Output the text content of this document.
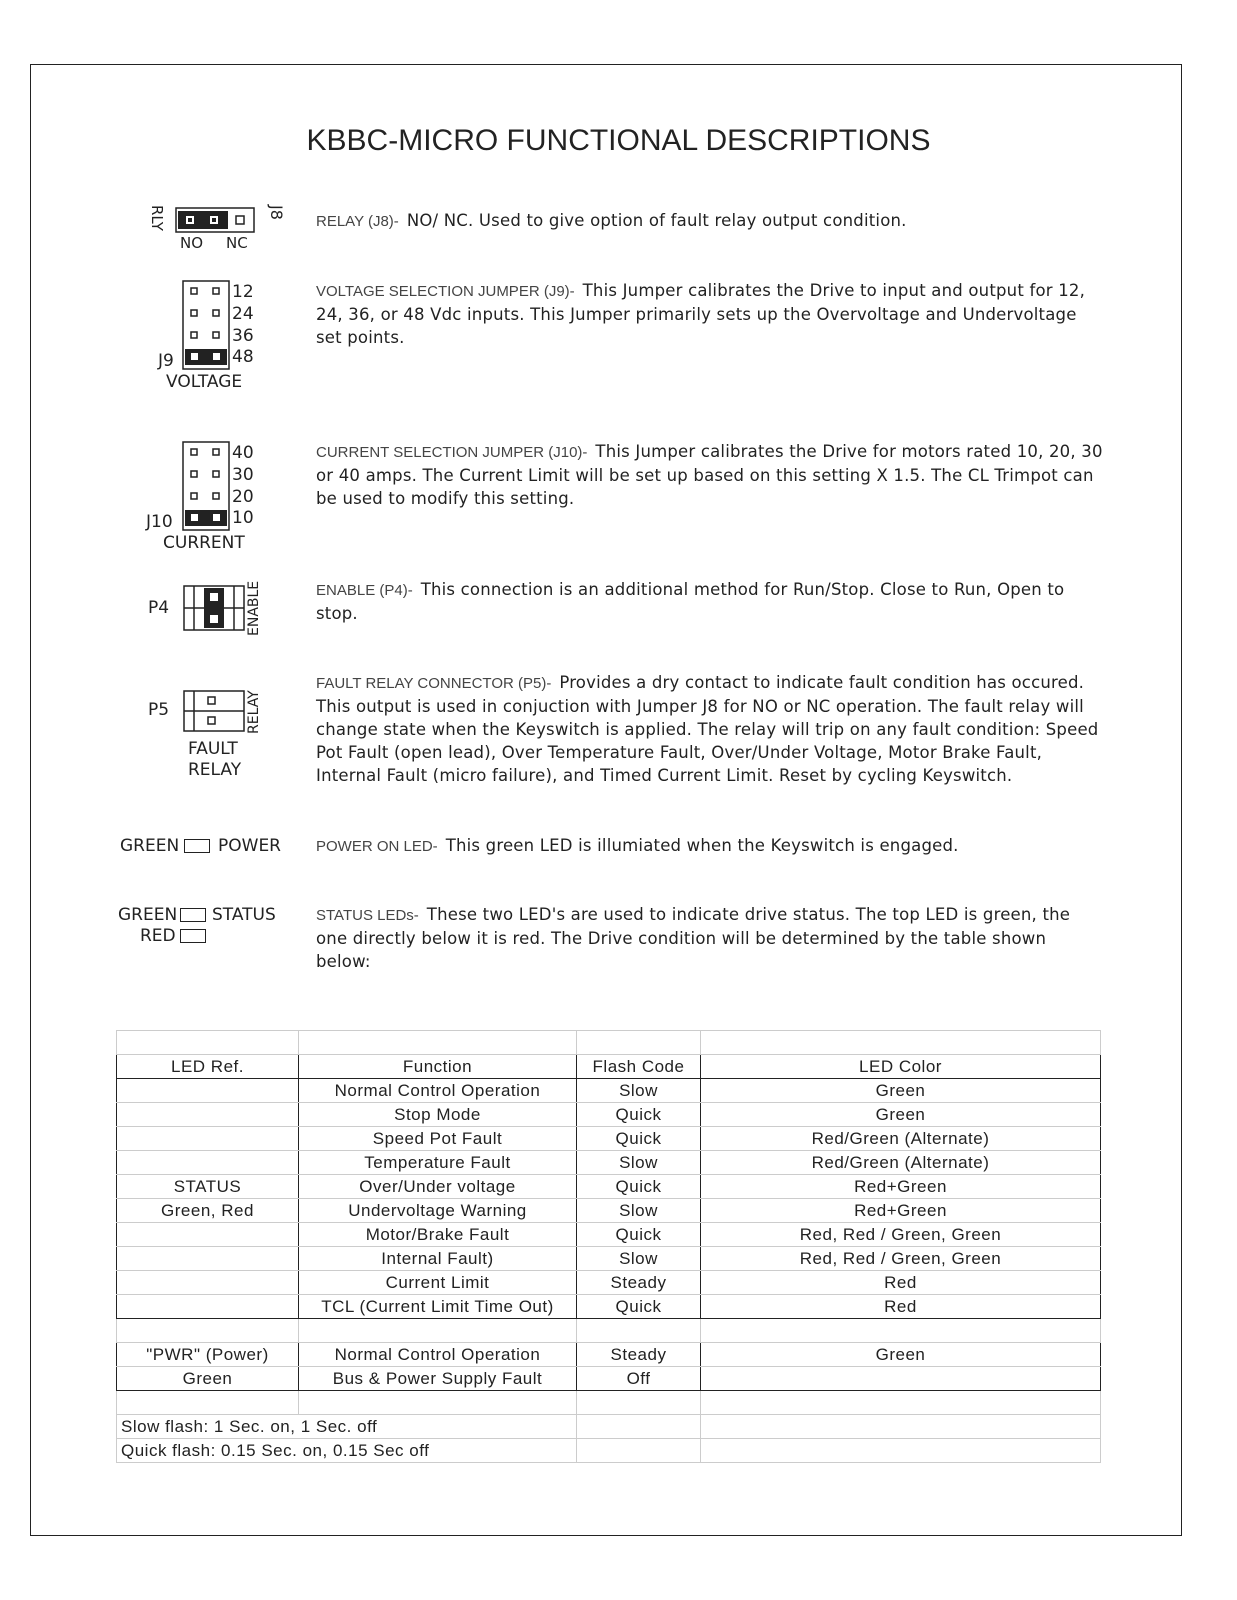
KBBC-MICRO FUNCTIONAL DESCRIPTIONS
RLY	J8
NO NC
RELAY (J8)- NO/ NC. Used to give option of fault relay output condition.
12
24
36
48
J9
VOLTAGE
VOLTAGE SELECTION JUMPER (J9)- This Jumper calibrates the Drive to input and output for 12, 24, 36, or 48 Vdc inputs. This Jumper primarily sets up the Overvoltage and Undervoltage set points.
40
30
20
10
J10
CURRENT
CURRENT SELECTION JUMPER (J10)- This Jumper calibrates the Drive for motors rated 10, 20, 30 or 40 amps. The Current Limit will be set up based on this setting X 1.5. The CL Trimpot can be used to modify this setting.
P4	ENABLE	ENABLE (P4)- This connection is an additional method for Run/Stop. Close to Run, Open to stop.
P5	RELAY
FAULT
RELAY
FAULT RELAY CONNECTOR (P5)- Provides a dry contact to indicate fault condition has occured. This output is used in conjuction with Jumper J8 for NO or NC operation. The fault relay will change state when the Keyswitch is applied. The relay will trip on any fault condition: Speed Pot Fault (open lead), Over Temperature Fault, Over/Under Voltage, Motor Brake Fault, Internal Fault (micro failure), and Timed Current Limit. Reset by cycling Keyswitch.
GREEN POWER POWER ON LED- This green LED is illumiated when the Keyswitch is engaged.
GREEN STATUS
RED
STATUS LEDs- These two LED's are used to indicate drive status. The top LED is green, the one directly below it is red. The Drive condition will be determined by the table shown below:

LED Ref.	Function	Flash Code	LED Color
	Normal Control Operation	Slow	Green
	Stop Mode	Quick	Green
	Speed Pot Fault	Quick	Red/Green (Alternate)
	Temperature Fault	Slow	Red/Green (Alternate)
STATUS	Over/Under voltage	Quick	Red+Green
Green, Red	Undervoltage Warning	Slow	Red+Green
	Motor/Brake Fault	Quick	Red, Red / Green, Green
	Internal Fault)	Slow	Red, Red / Green, Green
	Current Limit	Steady	Red
	TCL (Current Limit Time Out)	Quick	Red

"PWR" (Power)	Normal Control Operation	Steady	Green
Green	Bus & Power Supply Fault	Off	

Slow flash: 1 Sec. on, 1 Sec. off			
Quick flash: 0.15 Sec. on, 0.15 Sec off			
